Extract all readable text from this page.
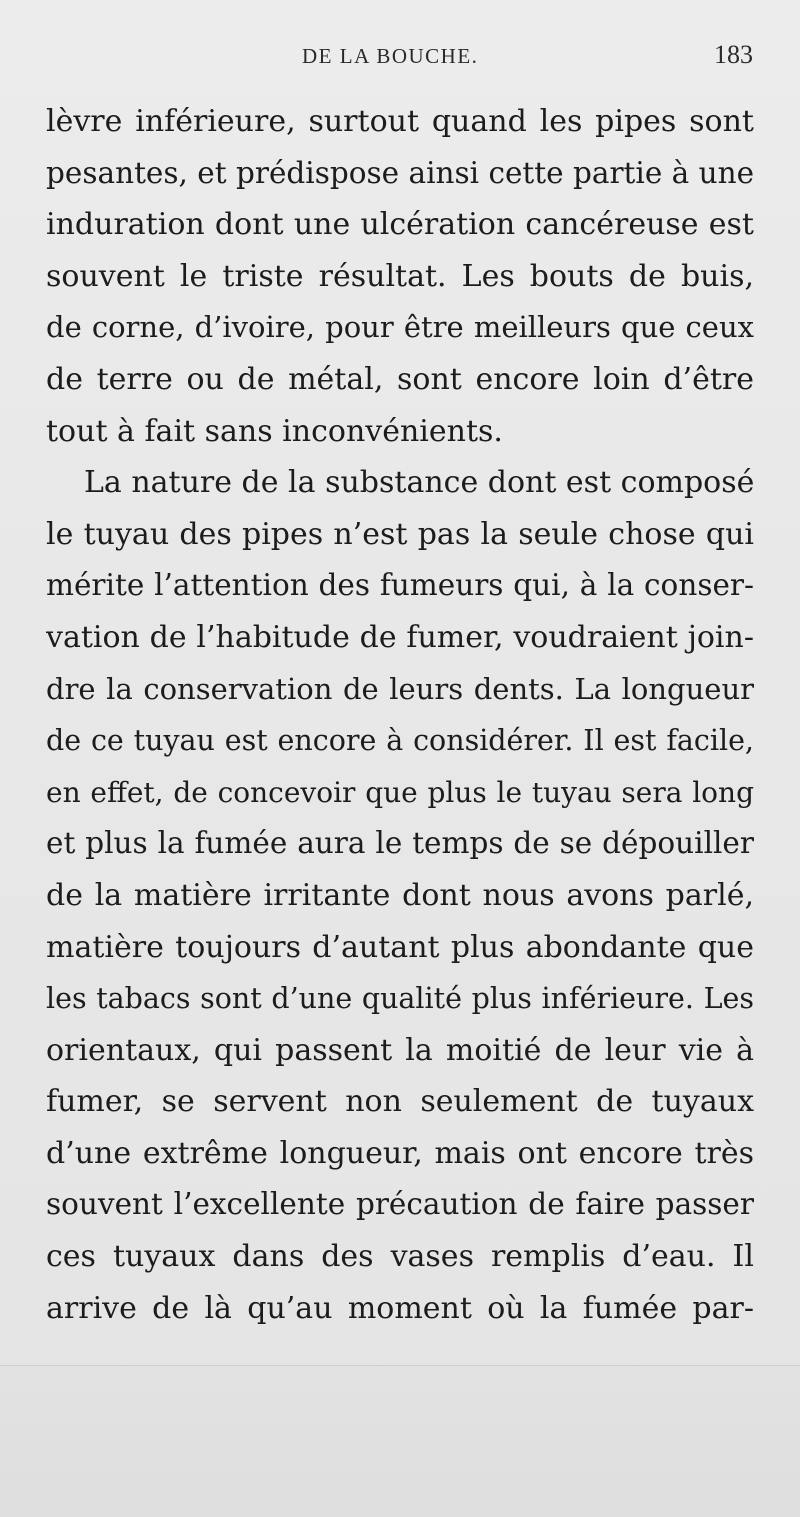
DE LA BOUCHE.	183
lèvre inférieure, surtout quand les pipes sont
pesantes, et prédispose ainsi cette partie à une
induration dont une ulcération cancéreuse est
souvent le triste résultat. Les bouts de buis,
de corne, d’ivoire, pour être meilleurs que ceux
de terre ou de métal, sont encore loin d’être
tout à fait sans inconvénients.
La nature de la substance dont est composé
le tuyau des pipes n’est pas la seule chose qui
mérite l’attention des fumeurs qui, à la conser-
vation de l’habitude de fumer, voudraient join-
dre la conservation de leurs dents. La longueur
de ce tuyau est encore à considérer. Il est facile,
en effet, de concevoir que plus le tuyau sera long
et plus la fumée aura le temps de se dépouiller
de la matière irritante dont nous avons parlé,
matière toujours d’autant plus abondante que
les tabacs sont d’une qualité plus inférieure. Les
orientaux, qui passent la moitié de leur vie à
fumer, se servent non seulement de tuyaux
d’une extrême longueur, mais ont encore très
souvent l’excellente précaution de faire passer
ces tuyaux dans des vases remplis d’eau. Il
arrive de là qu’au moment où la fumée par-
